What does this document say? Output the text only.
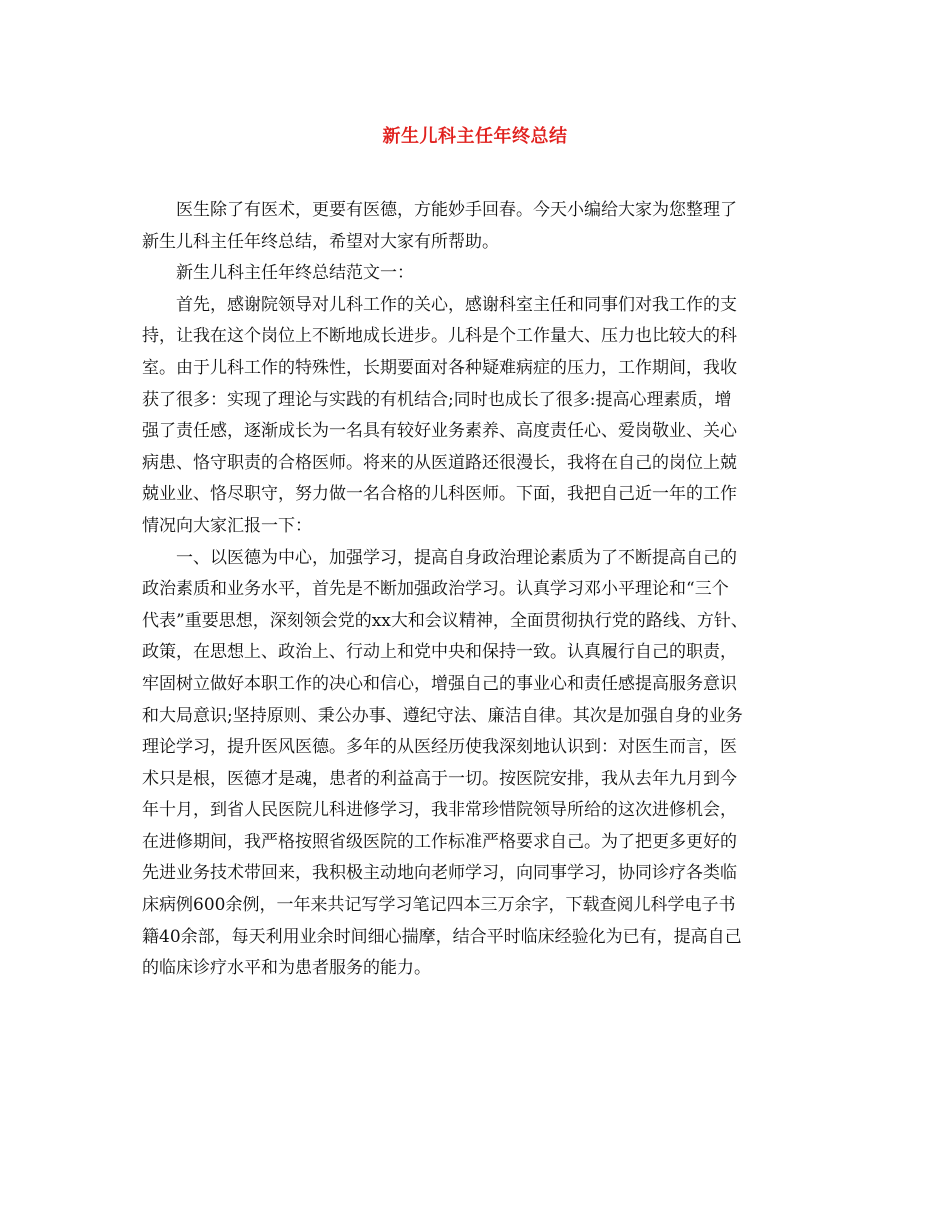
新生儿科主任年终总结
医生除了有医术，更要有医德，方能妙手回春。今天小编给大家为您整理了
新生儿科主任年终总结，希望对大家有所帮助。
新生儿科主任年终总结范文一：
首先，感谢院领导对儿科工作的关心，感谢科室主任和同事们对我工作的支
持，让我在这个岗位上不断地成长进步。儿科是个工作量大、压力也比较大的科
室。由于儿科工作的特殊性，长期要面对各种疑难病症的压力，工作期间，我收
获了很多：实现了理论与实践的有机结合;同时也成长了很多:提高心理素质，增
强了责任感，逐渐成长为一名具有较好业务素养、高度责任心、爱岗敬业、关心
病患、恪守职责的合格医师。将来的从医道路还很漫长，我将在自己的岗位上兢
兢业业、恪尽职守，努力做一名合格的儿科医师。下面，我把自己近一年的工作
情况向大家汇报一下：
一、以医德为中心，加强学习，提高自身政治理论素质为了不断提高自己的
政治素质和业务水平，首先是不断加强政治学习。认真学习邓小平理论和“三个
代表”重要思想，深刻领会党的xx大和会议精神，全面贯彻执行党的路线、方针、
政策，在思想上、政治上、行动上和党中央和保持一致。认真履行自己的职责，
牢固树立做好本职工作的决心和信心，增强自己的事业心和责任感提高服务意识
和大局意识;坚持原则、秉公办事、遵纪守法、廉洁自律。其次是加强自身的业务
理论学习，提升医风医德。多年的从医经历使我深刻地认识到：对医生而言，医
术只是根，医德才是魂，患者的利益高于一切。按医院安排，我从去年九月到今
年十月，到省人民医院儿科进修学习，我非常珍惜院领导所给的这次进修机会，
在进修期间，我严格按照省级医院的工作标准严格要求自己。为了把更多更好的
先进业务技术带回来，我积极主动地向老师学习，向同事学习，协同诊疗各类临
床病例600余例，一年来共记写学习笔记四本三万余字，下载查阅儿科学电子书
籍40余部，每天利用业余时间细心揣摩，结合平时临床经验化为已有，提高自己
的临床诊疗水平和为患者服务的能力。
